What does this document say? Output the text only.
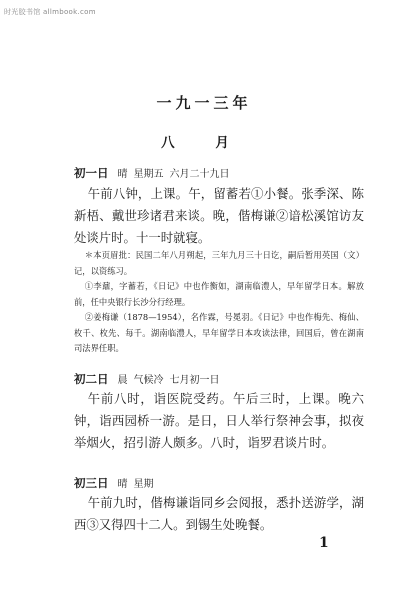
时光胶书馆 allmbook.com
一九一三年
八 月
初一日 晴 星期五 六月二十九日
午前八钟，上课。午，留蓄若①小餐。张季深、陈新梧、戴世珍诸君来谈。晚，偕梅谦②谙松溪馆访友处谈片时。十一时就寝。

＊本页眉批：民国二年八月朔起，三年九月三十日讫，嗣后暂用英国（文）记，以资练习。

①李鼐，字蓄若，《日记》中也作衡如，湖南临澧人，早年留学日本。解放前，任中央银行长沙分行经理。

②姜梅谦（1878—1954），名作霖，号冕羽。《日记》中也作梅先、梅仙、枚千、枚先、每千。湖南临澧人，早年留学日本攻读法律，回国后，曾在湖南司法界任职。

初二日 晨 气候冷 七月初一日
午前八时，诣医院受药。午后三时，上课。晚六钟，诣西园桥一游。是日，日人举行祭神会事，拟夜举烟火，招引游人颇多。八时，诣罗君谈片时。
初三日 晴 星期
午前九时，偕梅谦诣同乡会阅报，悉扑送游学，湖西③又得四十二人。到锡生处晚餐。
1
